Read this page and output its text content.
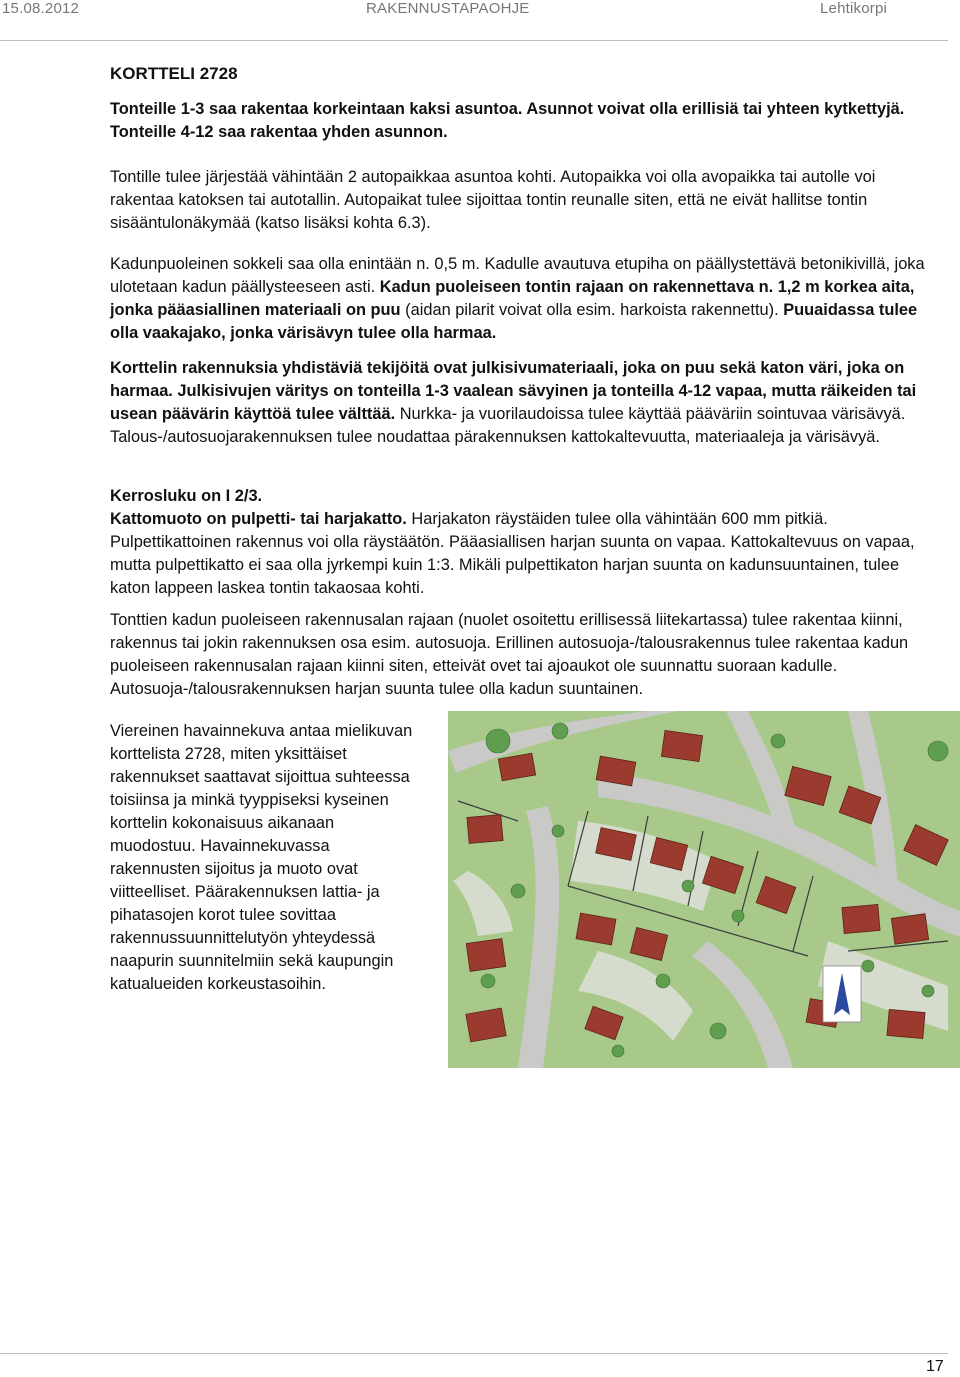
15.08.2012	RAKENNUSTAPAOHJE	Lehtikorpi

KORTTELI 2728

Tonteille 1-3 saa rakentaa korkeintaan kaksi asuntoa. Asunnot voivat olla erillisiä tai yhteen kytkettyjä. Tonteille 4-12 saa rakentaa yhden asunnon.

Tontille tulee järjestää vähintään 2 autopaikkaa asuntoa kohti. Autopaikka voi olla avopaikka tai autolle voi rakentaa katoksen tai autotallin. Autopaikat tulee sijoittaa tontin reunalle siten, että ne eivät hallitse tontin sisääntulonäkymää (katso lisäksi kohta 6.3).

Kadunpuoleinen sokkeli saa olla enintään n. 0,5 m. Kadulle avautuva etupiha on päällystettävä betonikivillä, joka ulotetaan kadun päällysteeseen asti. Kadun puoleiseen tontin rajaan on rakennettava n. 1,2 m korkea aita, jonka pääasiallinen materiaali on puu (aidan pilarit voivat olla esim. harkoista rakennettu). Puuaidassa tulee olla vaakajako, jonka värisävyn tulee olla harmaa.

Korttelin rakennuksia yhdistäviä tekijöitä ovat julkisivumateriaali, joka on puu sekä katon väri, joka on harmaa. Julkisivujen väritys on tonteilla 1-3 vaalean sävyinen ja tonteilla 4-12 vapaa, mutta räikeiden tai usean päävärin käyttöä tulee välttää. Nurkka- ja vuorilaudoissa tulee käyttää pääväriin sointuvaa värisävyä. Talous-/autosuojarakennuksen tulee noudattaa pärakennuksen kattokaltevuutta, materiaaleja ja värisävyä.

Kerrosluku on I 2/3.
Kattomuoto on pulpetti- tai harjakatto. Harjakaton räystäiden tulee olla vähintään 600 mm pitkiä. Pulpettikattoinen rakennus voi olla räystäätön. Pääasiallisen harjan suunta on vapaa. Kattokaltevuus on vapaa, mutta pulpettikatto ei saa olla jyrkempi kuin 1:3. Mikäli pulpettikaton harjan suunta on kadunsuuntainen, tulee katon lappeen laskea tontin takaosaa kohti.

Tonttien kadun puoleiseen rakennusalan rajaan (nuolet osoitettu erillisessä liitekartassa) tulee rakentaa kiinni, rakennus tai jokin rakennuksen osa esim. autosuoja. Erillinen autosuoja-/talousrakennus tulee rakentaa kadun puoleiseen rakennusalan rajaan kiinni siten, etteivät ovet tai ajoaukot ole suunnattu suoraan kadulle. Autosuoja-/talousrakennuksen harjan suunta tulee olla kadun suuntainen.

Viereinen havainnekuva antaa mielikuvan korttelista 2728, miten yksittäiset rakennukset saattavat sijoittua suhteessa toisiinsa ja minkä tyyppiseksi kyseinen korttelin kokonaisuus aikanaan muodostuu. Havainnekuvassa rakennusten sijoitus ja muoto ovat viitteelliset. Päärakennuksen lattia- ja pihatasojen korot tulee sovittaa rakennussuunnittelutyön yhteydessä naapurin suunnitelmiin sekä kaupungin katualueiden korkeustasoihin.

17
